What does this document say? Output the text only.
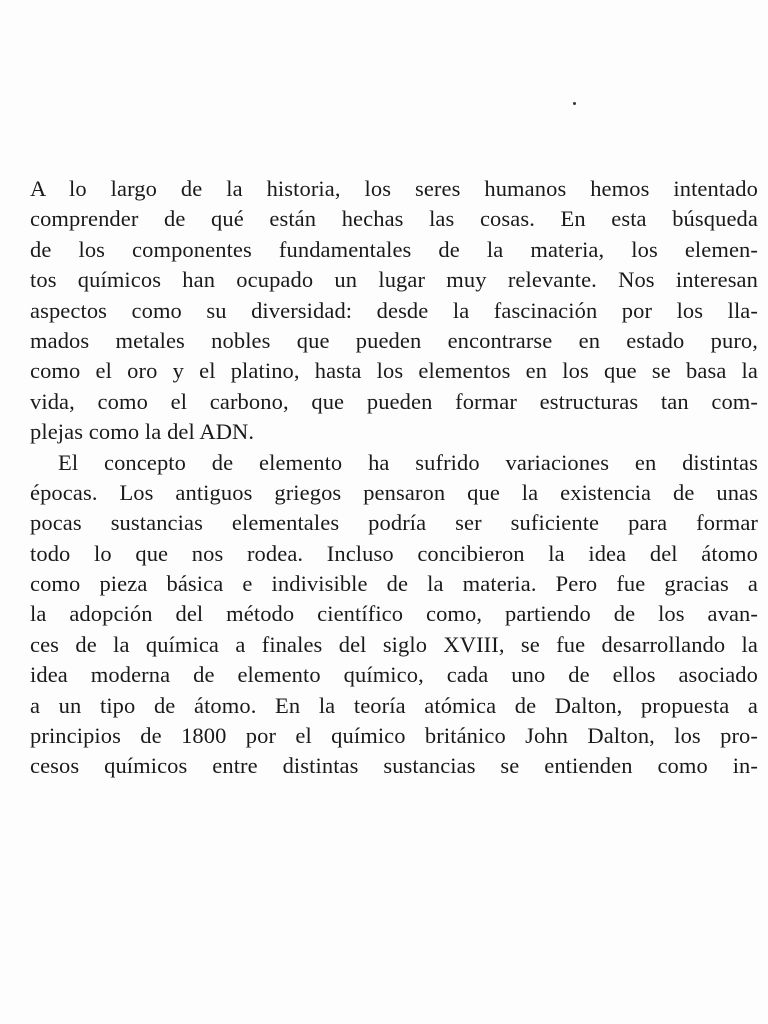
A lo largo de la historia, los seres humanos hemos intentado
comprender de qué están hechas las cosas. En esta búsqueda
de los componentes fundamentales de la materia, los elemen-
tos químicos han ocupado un lugar muy relevante. Nos interesan
aspectos como su diversidad: desde la fascinación por los lla-
mados metales nobles que pueden encontrarse en estado puro,
como el oro y el platino, hasta los elementos en los que se basa la
vida, como el carbono, que pueden formar estructuras tan com-
plejas como la del ADN.
El concepto de elemento ha sufrido variaciones en distintas
épocas. Los antiguos griegos pensaron que la existencia de unas
pocas sustancias elementales podría ser suficiente para formar
todo lo que nos rodea. Incluso concibieron la idea del átomo
como pieza básica e indivisible de la materia. Pero fue gracias a
la adopción del método científico como, partiendo de los avan-
ces de la química a finales del siglo XVIII, se fue desarrollando la
idea moderna de elemento químico, cada uno de ellos asociado
a un tipo de átomo. En la teoría atómica de Dalton, propuesta a
principios de 1800 por el químico británico John Dalton, los pro-
cesos químicos entre distintas sustancias se entienden como in-
